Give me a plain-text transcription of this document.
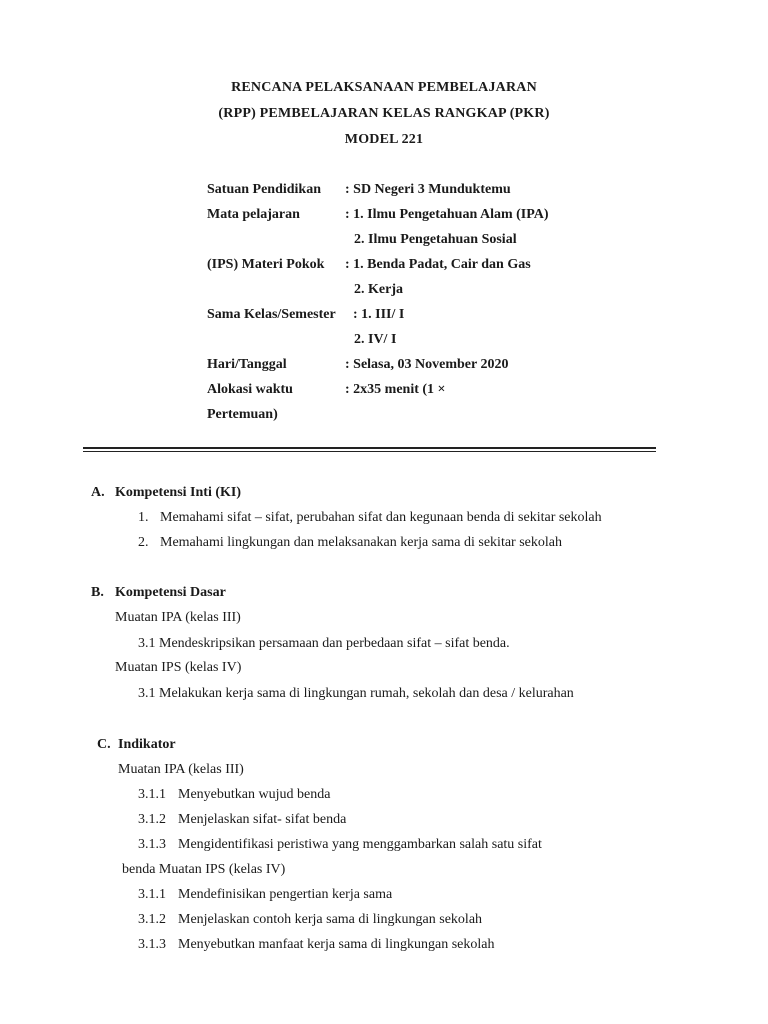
RENCANA PELAKSANAAN PEMBELAJARAN
(RPP) PEMBELAJARAN KELAS RANGKAP (PKR)
MODEL 221
Satuan Pendidikan : SD Negeri 3 Munduktemu
Mata pelajaran	: 1. Ilmu Pengetahuan Alam (IPA)
2. Ilmu Pengetahuan Sosial
(IPS) Materi Pokok : 1. Benda Padat, Cair dan Gas
2. Kerja
Sama Kelas/Semester : 1. III/ I
2. IV/ I
Hari/Tanggal	: Selasa, 03 November 2020
Alokasi waktu	: 2x35 menit (1 ×
Pertemuan)
A. Kompetensi Inti (KI)
1. Memahami sifat – sifat, perubahan sifat dan kegunaan benda di sekitar sekolah
2. Memahami lingkungan dan melaksanakan kerja sama di sekitar sekolah
B. Kompetensi Dasar
Muatan IPA (kelas III)
3.1 Mendeskripsikan persamaan dan perbedaan sifat – sifat benda.
Muatan IPS (kelas IV)
3.1 Melakukan kerja sama di lingkungan rumah, sekolah dan desa / kelurahan
C. Indikator
Muatan IPA (kelas III)
3.1.1 Menyebutkan wujud benda
3.1.2 Menjelaskan sifat- sifat benda
3.1.3 Mengidentifikasi peristiwa yang menggambarkan salah satu sifat
benda Muatan IPS (kelas IV)
3.1.1 Mendefinisikan pengertian kerja sama
3.1.2 Menjelaskan contoh kerja sama di lingkungan sekolah
3.1.3 Menyebutkan manfaat kerja sama di lingkungan sekolah
